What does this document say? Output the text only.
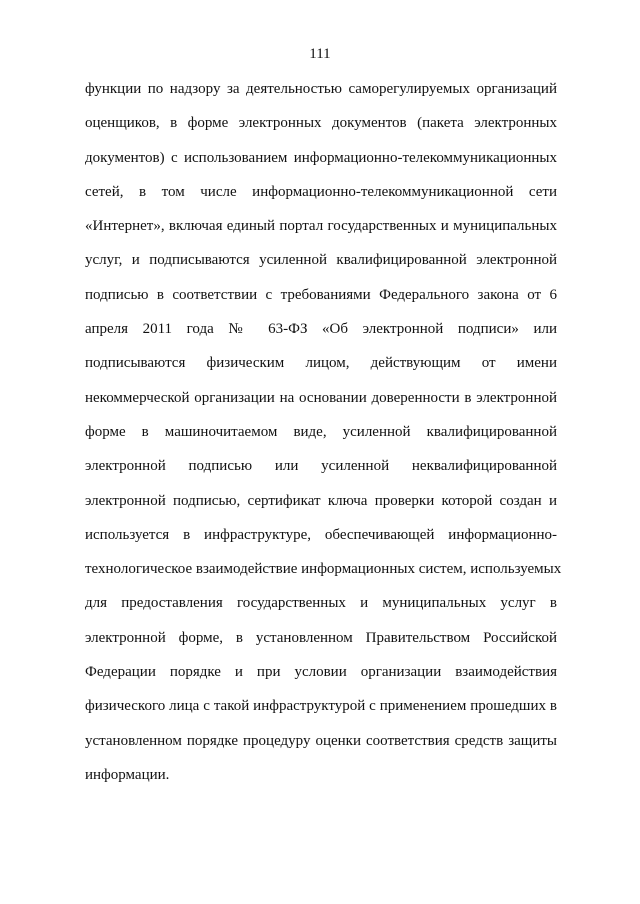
111
функции по надзору за деятельностью саморегулируемых организаций
оценщиков, в форме электронных документов (пакета электронных
документов) с использованием информационно-телекоммуникационных
сетей, в том числе информационно-телекоммуникационной сети
«Интернет», включая единый портал государственных и муниципальных
услуг, и подписываются усиленной квалифицированной электронной
подписью в соответствии с требованиями Федерального закона от 6
апреля 2011 года № 63-ФЗ «Об электронной подписи» или
подписываются физическим лицом, действующим от имени
некоммерческой организации на основании доверенности в электронной
форме в машиночитаемом виде, усиленной квалифицированной
электронной подписью или усиленной неквалифицированной
электронной подписью, сертификат ключа проверки которой создан и
используется в инфраструктуре, обеспечивающей информационно-
технологическое взаимодействие информационных систем, используемых
для предоставления государственных и муниципальных услуг в
электронной форме, в установленном Правительством Российской
Федерации порядке и при условии организации взаимодействия
физического лица с такой инфраструктурой с применением прошедших в
установленном порядке процедуру оценки соответствия средств защиты
информации.
